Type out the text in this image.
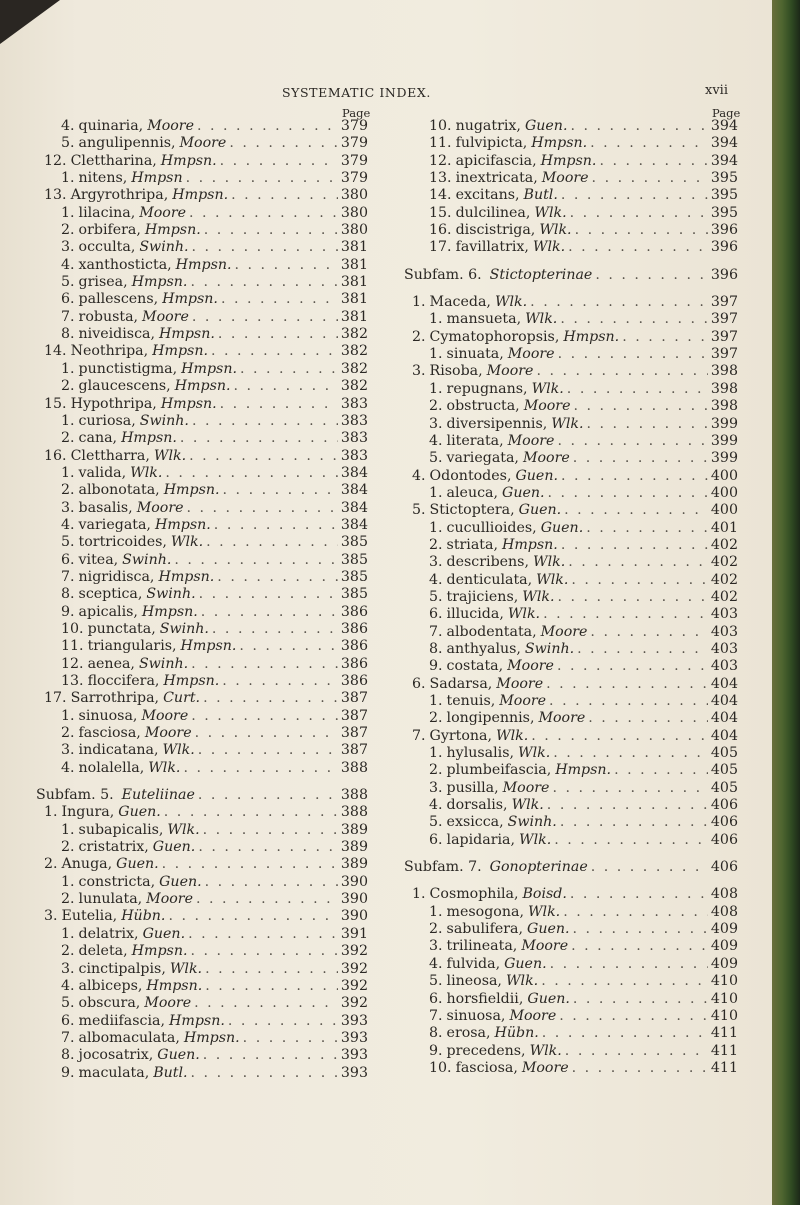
SYSTEMATIC INDEX.	xvii
Page
4. quinaria, Moore . . .	379
5. angulipennis, Moore . . .	379
12. Clettharina, Hmpsn. . . .	379
1. nitens, Hmpsn . . .	379
13. Argyrothripa, Hmpsn. . . .	380
1. lilacina, Moore . . .	380
2. orbifera, Hmpsn. . . .	380
3. occulta, Swinh. . . .	381
4. xanthosticta, Hmpsn. . . .	381
5. grisea, Hmpsn. . . .	381
6. pallescens, Hmpsn. . . .	381
7. robusta, Moore . . .	381
8. niveidisca, Hmpsn. . . .	382
14. Neothripa, Hmpsn. . . .	382
1. punctistigma, Hmpsn. . . .	382
2. glaucescens, Hmpsn. . . .	382
15. Hypothripa, Hmpsn. . . .	383
1. curiosa, Swinh. . . .	383
2. cana, Hmpsn. . . .	383
16. Clettharra, Wlk. . . .	383
1. valida, Wlk. . . .	384
2. albonotata, Hmpsn. . . .	384
3. basalis, Moore . . .	384
4. variegata, Hmpsn. . . .	384
5. tortricoides, Wlk. . . .	385
6. vitea, Swinh. . . .	385
7. nigridisca, Hmpsn. . . .	385
8. sceptica, Swinh. . . .	385
9. apicalis, Hmpsn. . . .	386
10. punctata, Swinh. . . .	386
11. triangularis, Hmpsn. . . .	386
12. aenea, Swinh. . . .	386
13. floccifera, Hmpsn. . . .	386
17. Sarrothripa, Curt. . . .	387
1. sinuosa, Moore . . .	387
2. fasciosa, Moore . . .	387
3. indicatana, Wlk. . . .	387
4. nolalella, Wlk. . . .	388
Subfam. 5. Euteliinae . . .	388
1. Ingura, Guen. . . .	388
1. subapicalis, Wlk. . . .	389
2. cristatrix, Guen. . . .	389
2. Anuga, Guen. . . .	389
1. constricta, Guen. . . .	390
2. lunulata, Moore . . .	390
3. Eutelia, Hübn. . . .	390
1. delatrix, Guen. . . .	391
2. deleta, Hmpsn. . . .	392
3. cinctipalpis, Wlk. . . .	392
4. albiceps, Hmpsn. . . .	392
5. obscura, Moore . . .	392
6. mediifascia, Hmpsn. . . .	393
7. albomaculata, Hmpsn. . . .	393
8. jocosatrix, Guen. . . .	393
9. maculata, Butl. . . .	393
Page
10. nugatrix, Guen. . . .	394
11. fulvipicta, Hmpsn. . . .	394
12. apicifascia, Hmpsn. . . .	394
13. inextricata, Moore . . .	395
14. excitans, Butl. . . .	395
15. dulcilinea, Wlk. . . .	395
16. discistriga, Wlk. . . .	396
17. favillatrix, Wlk. . . .	396
Subfam. 6. Stictopterinae . . .	396
1. Maceda, Wlk. . . .	397
1. mansueta, Wlk. . . .	397
2. Cymatophoropsis, Hmpsn. . . .	397
1. sinuata, Moore . . .	397
3. Risoba, Moore . . .	398
1. repugnans, Wlk. . . .	398
2. obstructa, Moore . . .	398
3. diversipennis, Wlk. . . .	399
4. literata, Moore . . .	399
5. variegata, Moore . . .	399
4. Odontodes, Guen. . . .	400
1. aleuca, Guen. . . .	400
5. Stictoptera, Guen. . . .	400
1. cucullioides, Guen. . . .	401
2. striata, Hmpsn. . . .	402
3. describens, Wlk. . . .	402
4. denticulata, Wlk. . . .	402
5. trajiciens, Wlk. . . .	402
6. illucida, Wlk. . . .	403
7. albodentata, Moore . . .	403
8. anthyalus, Swinh. . . .	403
9. costata, Moore . . .	403
6. Sadarsa, Moore . . .	404
1. tenuis, Moore . . .	404
2. longipennis, Moore . . .	404
7. Gyrtona, Wlk. . . .	404
1. hylusalis, Wlk. . . .	405
2. plumbeifascia, Hmpsn. . . .	405
3. pusilla, Moore . . .	405
4. dorsalis, Wlk. . . .	406
5. exsicca, Swinh. . . .	406
6. lapidaria, Wlk. . . .	406
Subfam. 7. Gonopterinae . . .	406
1. Cosmophila, Boisd. . . .	408
1. mesogona, Wlk. . . .	408
2. sabulifera, Guen. . . .	409
3. trilineata, Moore . . .	409
4. fulvida, Guen. . . .	409
5. lineosa, Wlk. . . .	410
6. horsfieldii, Guen. . . .	410
7. sinuosa, Moore . . .	410
8. erosa, Hübn. . . .	411
9. precedens, Wlk. . . .	411
10. fasciosa, Moore . . .	411
